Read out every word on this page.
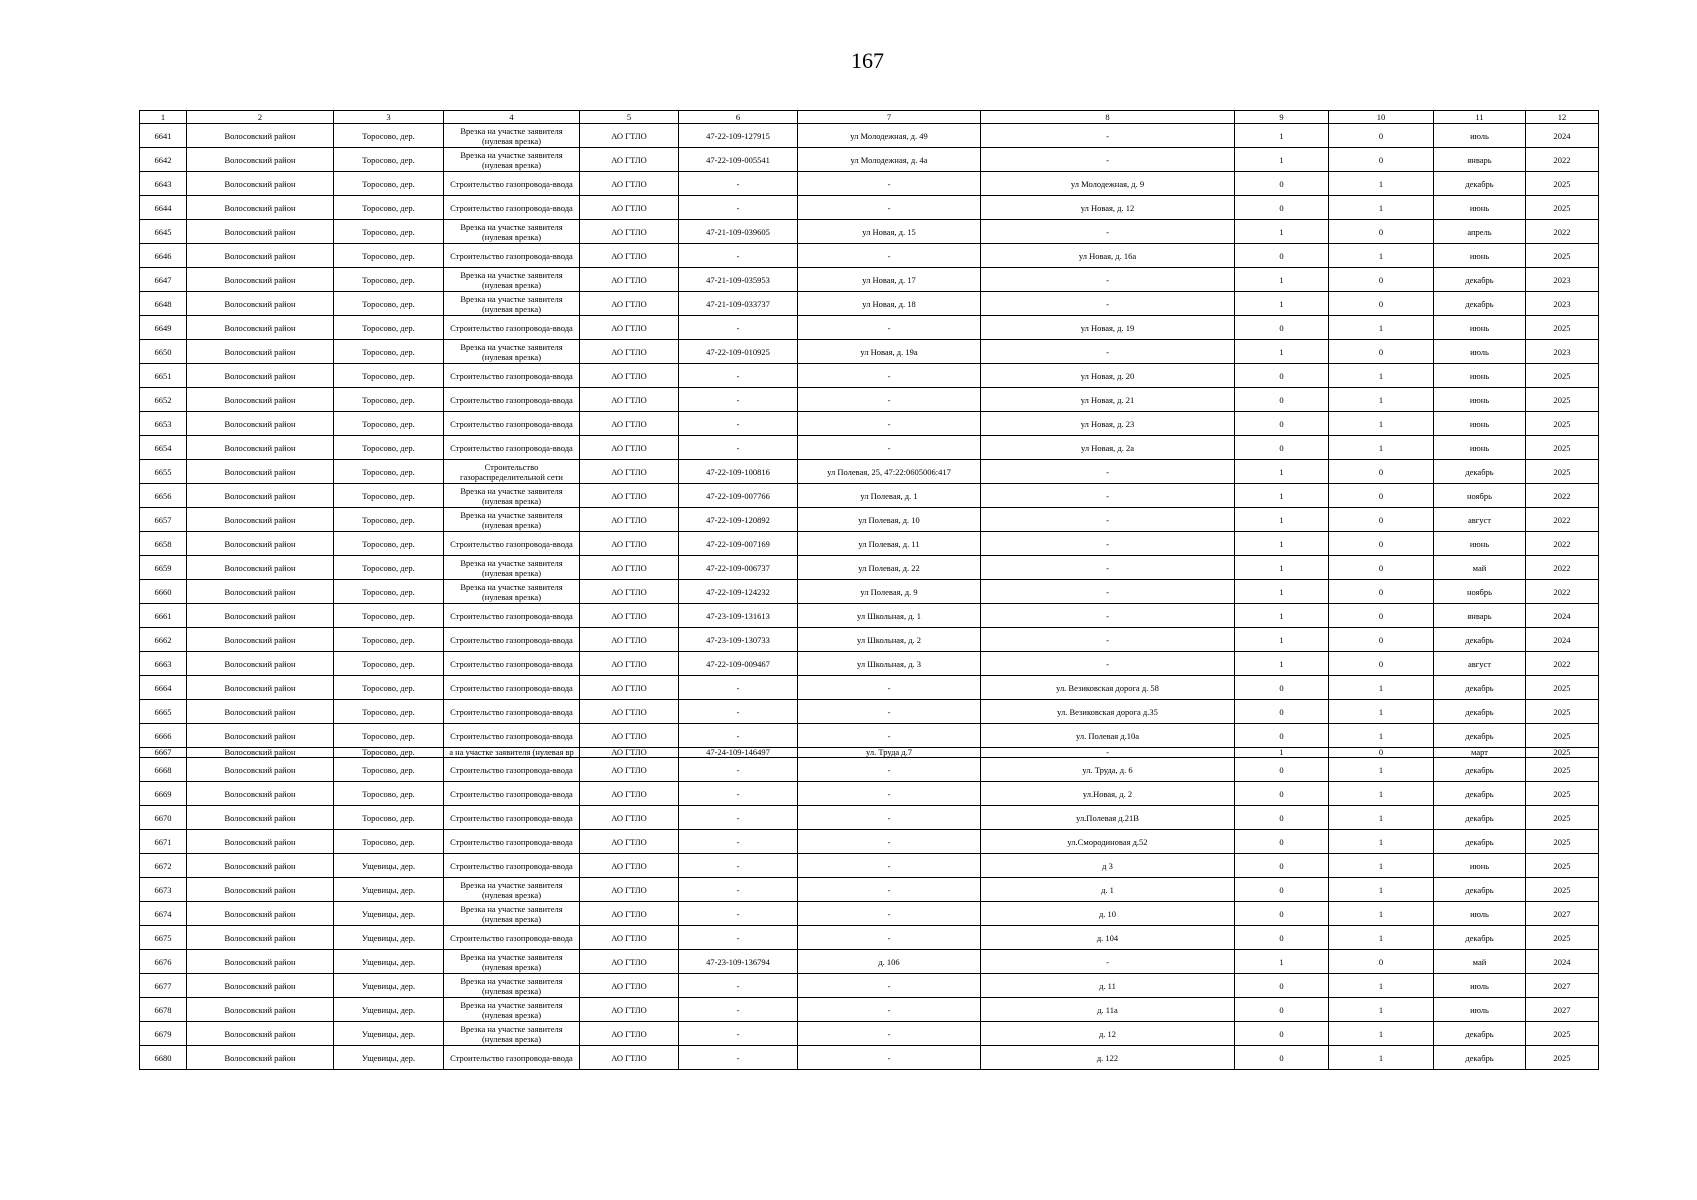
167
1	2	3	4	5	6	7	8	9	10	11	12
6641	Волосовский район	Торосово, дер.	Врезка на участке заявителя (нулевая врезка)	АО ГТЛО	47-22-109-127915	ул Молодежная, д. 49	-	1	0	июль	2024
6642	Волосовский район	Торосово, дер.	Врезка на участке заявителя (нулевая врезка)	АО ГТЛО	47-22-109-005541	ул Молодежная, д. 4а	-	1	0	январь	2022
6643	Волосовский район	Торосово, дер.	Строительство газопровода-ввода	АО ГТЛО	-	-	ул Молодежная, д. 9	0	1	декабрь	2025
6644	Волосовский район	Торосово, дер.	Строительство газопровода-ввода	АО ГТЛО	-	-	ул Новая, д. 12	0	1	июнь	2025
6645	Волосовский район	Торосово, дер.	Врезка на участке заявителя (нулевая врезка)	АО ГТЛО	47-21-109-039605	ул Новая, д. 15	-	1	0	апрель	2022
6646	Волосовский район	Торосово, дер.	Строительство газопровода-ввода	АО ГТЛО	-	-	ул Новая, д. 16а	0	1	июнь	2025
6647	Волосовский район	Торосово, дер.	Врезка на участке заявителя (нулевая врезка)	АО ГТЛО	47-21-109-035953	ул Новая, д. 17	-	1	0	декабрь	2023
6648	Волосовский район	Торосово, дер.	Врезка на участке заявителя (нулевая врезка)	АО ГТЛО	47-21-109-033737	ул Новая, д. 18	-	1	0	декабрь	2023
6649	Волосовский район	Торосово, дер.	Строительство газопровода-ввода	АО ГТЛО	-	-	ул Новая, д. 19	0	1	июнь	2025
6650	Волосовский район	Торосово, дер.	Врезка на участке заявителя (нулевая врезка)	АО ГТЛО	47-22-109-010925	ул Новая, д. 19а	-	1	0	июль	2023
6651	Волосовский район	Торосово, дер.	Строительство газопровода-ввода	АО ГТЛО	-	-	ул Новая, д. 20	0	1	июнь	2025
6652	Волосовский район	Торосово, дер.	Строительство газопровода-ввода	АО ГТЛО	-	-	ул Новая, д. 21	0	1	июнь	2025
6653	Волосовский район	Торосово, дер.	Строительство газопровода-ввода	АО ГТЛО	-	-	ул Новая, д. 23	0	1	июнь	2025
6654	Волосовский район	Торосово, дер.	Строительство газопровода-ввода	АО ГТЛО	-	-	ул Новая, д. 2а	0	1	июнь	2025
6655	Волосовский район	Торосово, дер.	Строительство газораспределительной сети	АО ГТЛО	47-22-109-100816	ул Полевая, 25, 47:22:0605006:417	-	1	0	декабрь	2025
6656	Волосовский район	Торосово, дер.	Врезка на участке заявителя (нулевая врезка)	АО ГТЛО	47-22-109-007766	ул Полевая, д. 1	-	1	0	ноябрь	2022
6657	Волосовский район	Торосово, дер.	Врезка на участке заявителя (нулевая врезка)	АО ГТЛО	47-22-109-120892	ул Полевая, д. 10	-	1	0	август	2022
6658	Волосовский район	Торосово, дер.	Строительство газопровода-ввода	АО ГТЛО	47-22-109-007169	ул Полевая, д. 11	-	1	0	июнь	2022
6659	Волосовский район	Торосово, дер.	Врезка на участке заявителя (нулевая врезка)	АО ГТЛО	47-22-109-006737	ул Полевая, д. 22	-	1	0	май	2022
6660	Волосовский район	Торосово, дер.	Врезка на участке заявителя (нулевая врезка)	АО ГТЛО	47-22-109-124232	ул Полевая, д. 9	-	1	0	ноябрь	2022
6661	Волосовский район	Торосово, дер.	Строительство газопровода-ввода	АО ГТЛО	47-23-109-131613	ул Школьная, д. 1	-	1	0	январь	2024
6662	Волосовский район	Торосово, дер.	Строительство газопровода-ввода	АО ГТЛО	47-23-109-130733	ул Школьная, д. 2	-	1	0	декабрь	2024
6663	Волосовский район	Торосово, дер.	Строительство газопровода-ввода	АО ГТЛО	47-22-109-009467	ул Школьная, д. 3	-	1	0	август	2022
6664	Волосовский район	Торосово, дер.	Строительство газопровода-ввода	АО ГТЛО	-	-	ул. Везиковская дорога д. 58	0	1	декабрь	2025
6665	Волосовский район	Торосово, дер.	Строительство газопровода-ввода	АО ГТЛО	-	-	ул. Везиковская дорога д.35	0	1	декабрь	2025
6666	Волосовский район	Торосово, дер.	Строительство газопровода-ввода	АО ГТЛО	-	-	ул. Полевая д.10а	0	1	декабрь	2025
6667	Волосовский район	Торосово, дер.	а на участке заявителя (нулевая вр	АО ГТЛО	47-24-109-146497	ул. Труда д.7	-	1	0	март	2025
6668	Волосовский район	Торосово, дер.	Строительство газопровода-ввода	АО ГТЛО	-	-	ул. Труда, д. 6	0	1	декабрь	2025
6669	Волосовский район	Торосово, дер.	Строительство газопровода-ввода	АО ГТЛО	-	-	ул.Новая, д. 2	0	1	декабрь	2025
6670	Волосовский район	Торосово, дер.	Строительство газопровода-ввода	АО ГТЛО	-	-	ул.Полевая д.21В	0	1	декабрь	2025
6671	Волосовский район	Торосово, дер.	Строительство газопровода-ввода	АО ГТЛО	-	-	ул.Смородиновая д.52	0	1	декабрь	2025
6672	Волосовский район	Ущевицы, дер.	Строительство газопровода-ввода	АО ГТЛО	-	-	д 3	0	1	июнь	2025
6673	Волосовский район	Ущевицы, дер.	Врезка на участке заявителя (нулевая врезка)	АО ГТЛО	-	-	д. 1	0	1	декабрь	2025
6674	Волосовский район	Ущевицы, дер.	Врезка на участке заявителя (нулевая врезка)	АО ГТЛО	-	-	д. 10	0	1	июль	2027
6675	Волосовский район	Ущевицы, дер.	Строительство газопровода-ввода	АО ГТЛО	-	-	д. 104	0	1	декабрь	2025
6676	Волосовский район	Ущевицы, дер.	Врезка на участке заявителя (нулевая врезка)	АО ГТЛО	47-23-109-136794	д. 106	-	1	0	май	2024
6677	Волосовский район	Ущевицы, дер.	Врезка на участке заявителя (нулевая врезка)	АО ГТЛО	-	-	д. 11	0	1	июль	2027
6678	Волосовский район	Ущевицы, дер.	Врезка на участке заявителя (нулевая врезка)	АО ГТЛО	-	-	д. 11а	0	1	июль	2027
6679	Волосовский район	Ущевицы, дер.	Врезка на участке заявителя (нулевая врезка)	АО ГТЛО	-	-	д. 12	0	1	декабрь	2025
6680	Волосовский район	Ущевицы, дер.	Строительство газопровода-ввода	АО ГТЛО	-	-	д. 122	0	1	декабрь	2025
